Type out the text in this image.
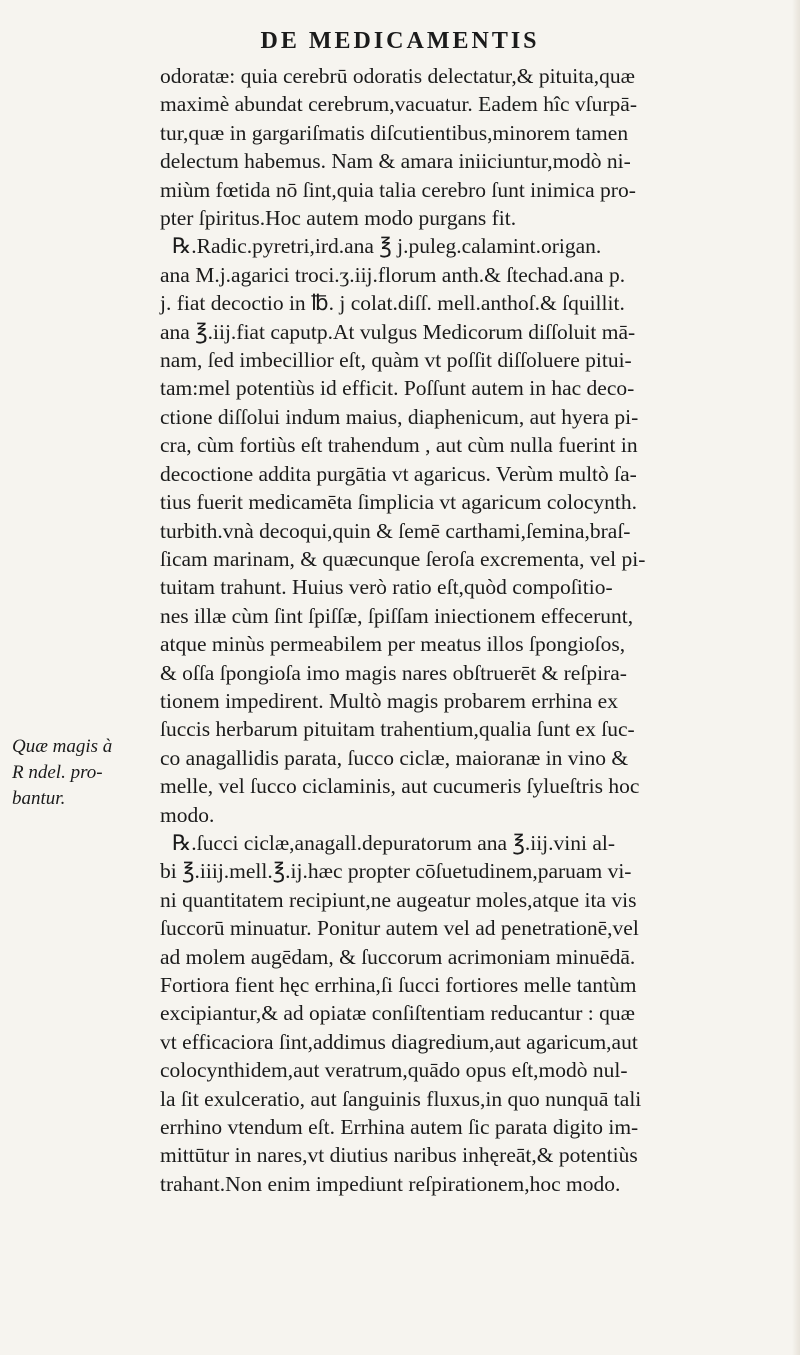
DE MEDICAMENTIS
Quæ magis à
R ndel. pro-
bantur.
odoratæ: quia cerebrū odoratis delectatur,& pituita,quæ
maximè abundat cerebrum,vacuatur. Eadem hîc vſurpā-
tur,quæ in gargariſmatis diſcutientibus,minorem tamen
delectum habemus. Nam & amara iniiciuntur,modò ni-
miùm fœtida nō ſint,quia talia cerebro ſunt inimica pro-
pter ſpiritus.Hoc autem modo purgans fit.
℞.Radic.pyretri,ird.ana ℥ j.puleg.calamint.origan.
ana M.j.agarici troci.ʒ.iij.florum anth.& ſtechad.ana p.
j. fiat decoctio in ℔. j colat.diſſ. mell.anthoſ.& ſquillit.
ana ℥.iij.fiat caputp.At vulgus Medicorum diſſoluit mā-
nam, ſed imbecillior eſt, quàm vt poſſit diſſoluere pitui-
tam:mel potentiùs id efficit. Poſſunt autem in hac deco-
ctione diſſolui indum maius, diaphenicum, aut hyera pi-
cra, cùm fortiùs eſt trahendum , aut cùm nulla fuerint in
decoctione addita purgātia vt agaricus. Verùm multò ſa-
tius fuerit medicamēta ſimplicia vt agaricum colocynth.
turbith.vnà decoqui,quin & ſemē carthami,ſemina,braſ-
ſicam marinam, & quæcunque ſeroſa excrementa, vel pi-
tuitam trahunt. Huius verò ratio eſt,quòd compoſitio-
nes illæ cùm ſint ſpiſſæ, ſpiſſam iniectionem effecerunt,
atque minùs permeabilem per meatus illos ſpongioſos,
& oſſa ſpongioſa imo magis nares obſtruerēt & reſpira-
tionem impedirent. Multò magis probarem errhina ex
ſuccis herbarum pituitam trahentium,qualia ſunt ex ſuc-
co anagallidis parata, ſucco ciclæ, maioranæ in vino &
melle, vel ſucco ciclaminis, aut cucumeris ſylueſtris hoc
modo.
℞.ſucci ciclæ,anagall.depuratorum ana ℥.iij.vini al-
bi ℥.iiij.mell.℥.ij.hæc propter cōſuetudinem,paruam vi-
ni quantitatem recipiunt,ne augeatur moles,atque ita vis
ſuccorū minuatur. Ponitur autem vel ad penetrationē,vel
ad molem augēdam, & ſuccorum acrimoniam minuēdā.
Fortiora fient hęc errhina,ſi ſucci fortiores melle tantùm
excipiantur,& ad opiatæ conſiſtentiam reducantur : quæ
vt efficaciora ſint,addimus diagredium,aut agaricum,aut
colocynthidem,aut veratrum,quādo opus eſt,modò nul-
la ſit exulceratio, aut ſanguinis fluxus,in quo nunquā tali
errhino vtendum eſt. Errhina autem ſic parata digito im-
mittūtur in nares,vt diutius naribus inhęreāt,& potentiùs
trahant.Non enim impediunt reſpirationem,hoc modo.
